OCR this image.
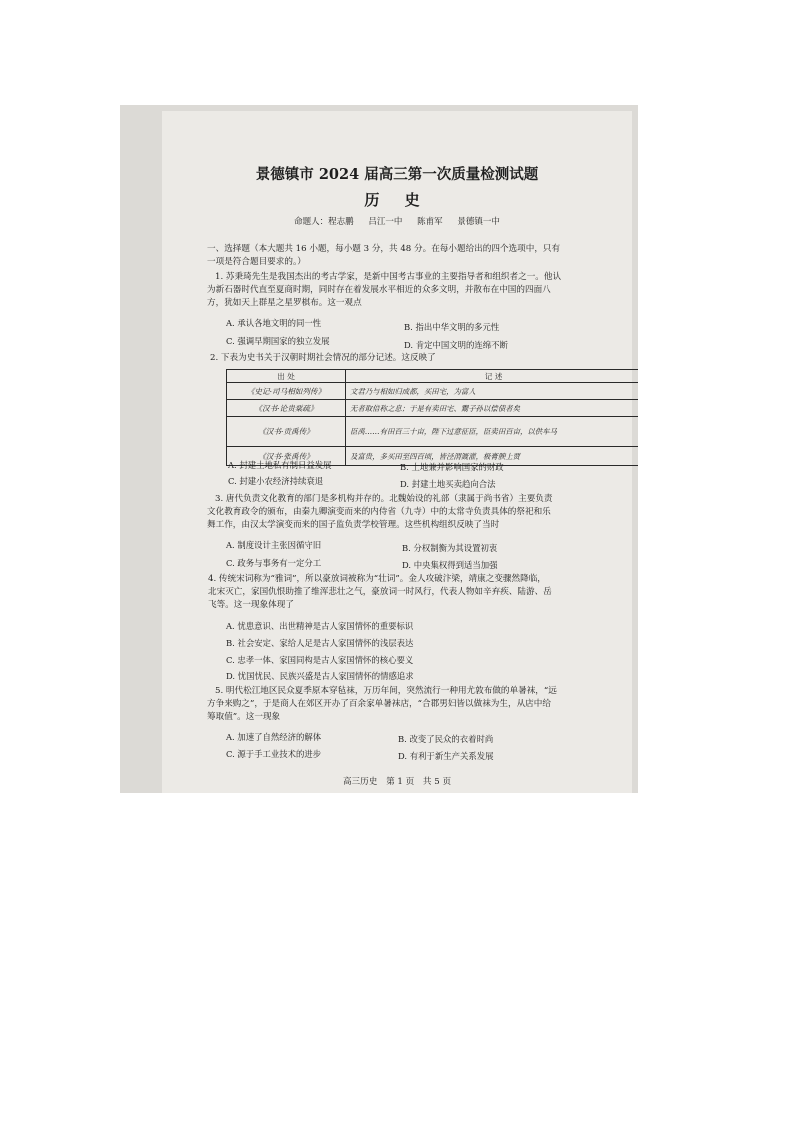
景德镇市 2024 届高三第一次质量检测试题
历 史
命题人：程志鹏 吕江一中 陈甫军 景德镇一中
一、选择题（本大题共 16 小题，每小题 3 分，共 48 分。在每小题给出的四个选项中，只有
一项是符合题目要求的。）
1. 苏秉琦先生是我国杰出的考古学家，是新中国考古事业的主要指导者和组织者之一。他认
为新石器时代直至夏商时期，同时存在着发展水平相近的众多文明，并散布在中国的四面八
方，犹如天上群星之星罗棋布。这一观点
A. 承认各地文明的同一性	B. 指出中华文明的多元性
C. 强调早期国家的独立发展	D. 肯定中国文明的连绵不断
2. 下表为史书关于汉朝时期社会情况的部分记述。这反映了
出 处	记 述
《史记·司马相如列传》	文君乃与相如归成都，买田宅，为富人
《汉书·论贵粟疏》	无者取倍称之息；于是有卖田宅、鬻子孙以偿债者矣
《汉书·贡禹传》	臣禹……有田百三十亩，陛下过意征臣，臣卖田百亩，以供车马
《汉书·张禹传》	及富贵，多买田至四百顷，皆泾渭溉灌，极膏腴上贾
A. 封建土地私有制日益发展	B. 土地兼并影响国家的财政
C. 封建小农经济持续衰退	D. 封建土地买卖趋向合法
3. 唐代负责文化教育的部门是多机构并存的。北魏始设的礼部（隶属于尚书省）主要负责
文化教育政令的颁布，由秦九卿演变而来的内侍省（九寺）中的太常寺负责具体的祭祀和乐
舞工作，由汉太学演变而来的国子监负责学校管理。这些机构组织反映了当时
A. 制度设计主张因循守旧	B. 分权制衡为其设置初衷
C. 政务与事务有一定分工	D. 中央集权得到适当加强
4. 传统宋词称为“雅词”，所以豪放词被称为“壮词”。金人攻破汴梁，靖康之变骤然降临，
北宋灭亡，家国仇恨助推了维浑悲壮之气，豪放词一时风行，代表人物如辛弃疾、陆游、岳
飞等。这一现象体现了
A. 忧患意识、出世精神是古人家国情怀的重要标识
B. 社会安定、家给人足是古人家国情怀的浅层表达
C. 忠孝一体、家国同构是古人家国情怀的核心要义
D. 忧国忧民、民族兴盛是古人家国情怀的情感追求
5. 明代松江地区民众夏季原本穿毡袜，万历年间，突然流行一种用尤敦布做的单暑袜，“远
方争来购之”，于是商人在郊区开办了百余家单暑袜店，“合郡男妇皆以做袜为生，从店中给
筹取值”。这一现象
A. 加速了自然经济的解体	B. 改变了民众的衣着时尚
C. 源于手工业技术的进步	D. 有利于新生产关系发展
高三历史 第 1 页 共 5 页
